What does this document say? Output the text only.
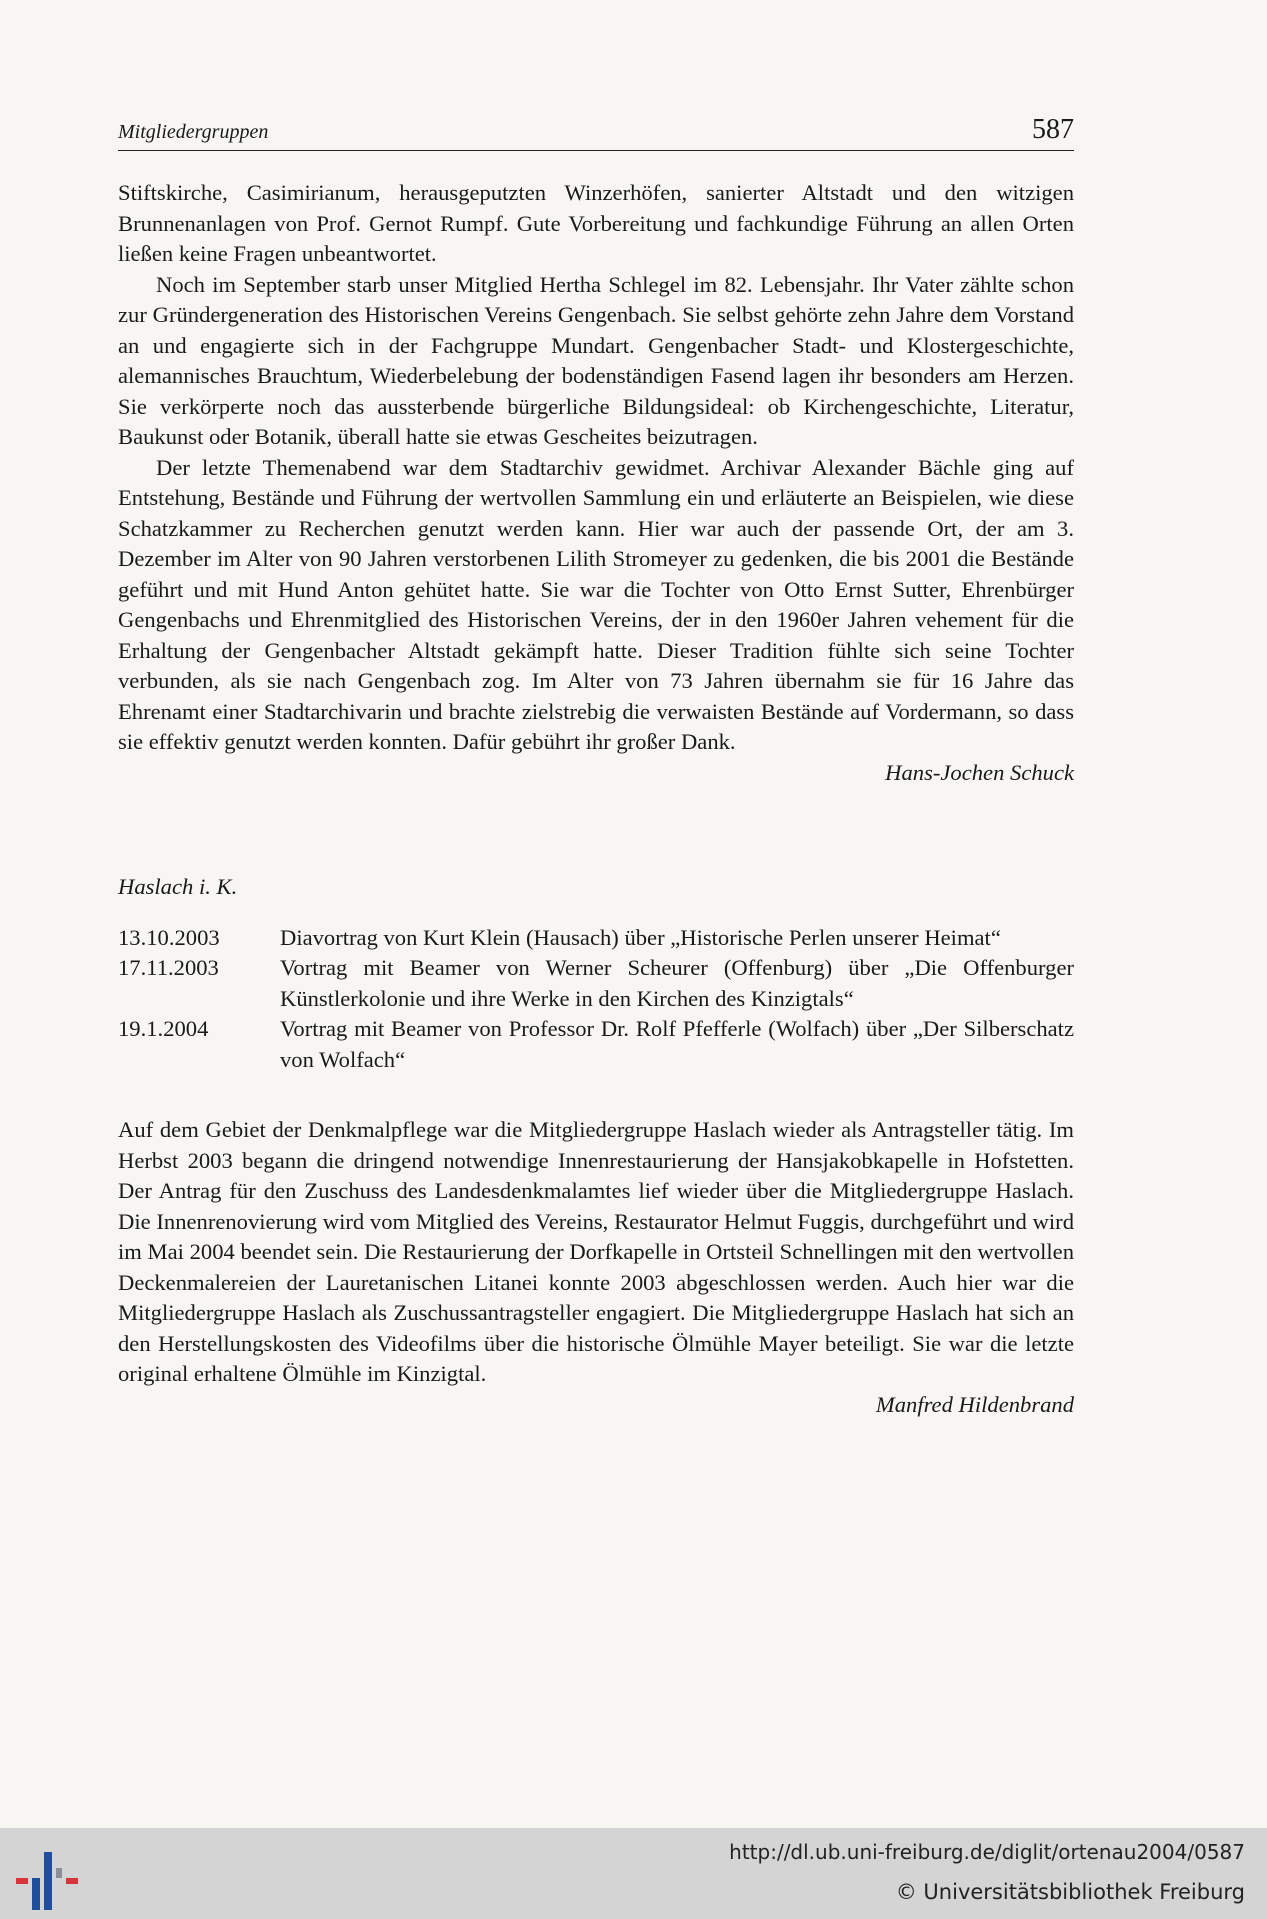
Mitgliedergruppen	587

Stiftskirche, Casimirianum, herausgeputzten Winzerhöfen, sanierter Altstadt und den witzigen Brunnenanlagen von Prof. Gernot Rumpf. Gute Vorbereitung und fachkundige Führung an allen Orten ließen keine Fragen unbeantwortet.

Noch im September starb unser Mitglied Hertha Schlegel im 82. Lebensjahr. Ihr Vater zählte schon zur Gründergeneration des Historischen Vereins Gengenbach. Sie selbst gehörte zehn Jahre dem Vorstand an und engagierte sich in der Fachgruppe Mundart. Gengenbacher Stadt- und Klostergeschichte, alemannisches Brauchtum, Wiederbelebung der bodenständigen Fasend lagen ihr besonders am Herzen. Sie verkörperte noch das aussterbende bürgerliche Bildungsideal: ob Kirchengeschichte, Literatur, Baukunst oder Botanik, überall hatte sie etwas Gescheites beizutragen.

Der letzte Themenabend war dem Stadtarchiv gewidmet. Archivar Alexander Bächle ging auf Entstehung, Bestände und Führung der wertvollen Sammlung ein und erläuterte an Beispielen, wie diese Schatzkammer zu Recherchen genutzt werden kann. Hier war auch der passende Ort, der am 3. Dezember im Alter von 90 Jahren verstorbenen Lilith Stromeyer zu gedenken, die bis 2001 die Bestände geführt und mit Hund Anton gehütet hatte. Sie war die Tochter von Otto Ernst Sutter, Ehrenbürger Gengenbachs und Ehrenmitglied des Historischen Vereins, der in den 1960er Jahren vehement für die Erhaltung der Gengenbacher Altstadt gekämpft hatte. Dieser Tradition fühlte sich seine Tochter verbunden, als sie nach Gengenbach zog. Im Alter von 73 Jahren übernahm sie für 16 Jahre das Ehrenamt einer Stadtarchivarin und brachte zielstrebig die verwaisten Bestände auf Vordermann, so dass sie effektiv genutzt werden konnten. Dafür gebührt ihr großer Dank.

Hans-Jochen Schuck

Haslach i. K.

13.10.2003	Diavortrag von Kurt Klein (Hausach) über „Historische Perlen unserer Heimat“
17.11.2003	Vortrag mit Beamer von Werner Scheurer (Offenburg) über „Die Offenburger Künstlerkolonie und ihre Werke in den Kirchen des Kinzigtals“
19.1.2004	Vortrag mit Beamer von Professor Dr. Rolf Pfefferle (Wolfach) über „Der Silberschatz von Wolfach“

Auf dem Gebiet der Denkmalpflege war die Mitgliedergruppe Haslach wieder als Antragsteller tätig. Im Herbst 2003 begann die dringend notwendige Innenrestaurierung der Hansjakobkapelle in Hofstetten. Der Antrag für den Zuschuss des Landesdenkmalamtes lief wieder über die Mitgliedergruppe Haslach. Die Innenrenovierung wird vom Mitglied des Vereins, Restaurator Helmut Fuggis, durchgeführt und wird im Mai 2004 beendet sein. Die Restaurierung der Dorfkapelle in Ortsteil Schnellingen mit den wertvollen Deckenmalereien der Lauretanischen Litanei konnte 2003 abgeschlossen werden. Auch hier war die Mitgliedergruppe Haslach als Zuschussantragsteller engagiert. Die Mitgliedergruppe Haslach hat sich an den Herstellungskosten des Videofilms über die historische Ölmühle Mayer beteiligt. Sie war die letzte original erhaltene Ölmühle im Kinzigtal.

Manfred Hildenbrand

http://dl.ub.uni-freiburg.de/diglit/ortenau2004/0587
© Universitätsbibliothek Freiburg
